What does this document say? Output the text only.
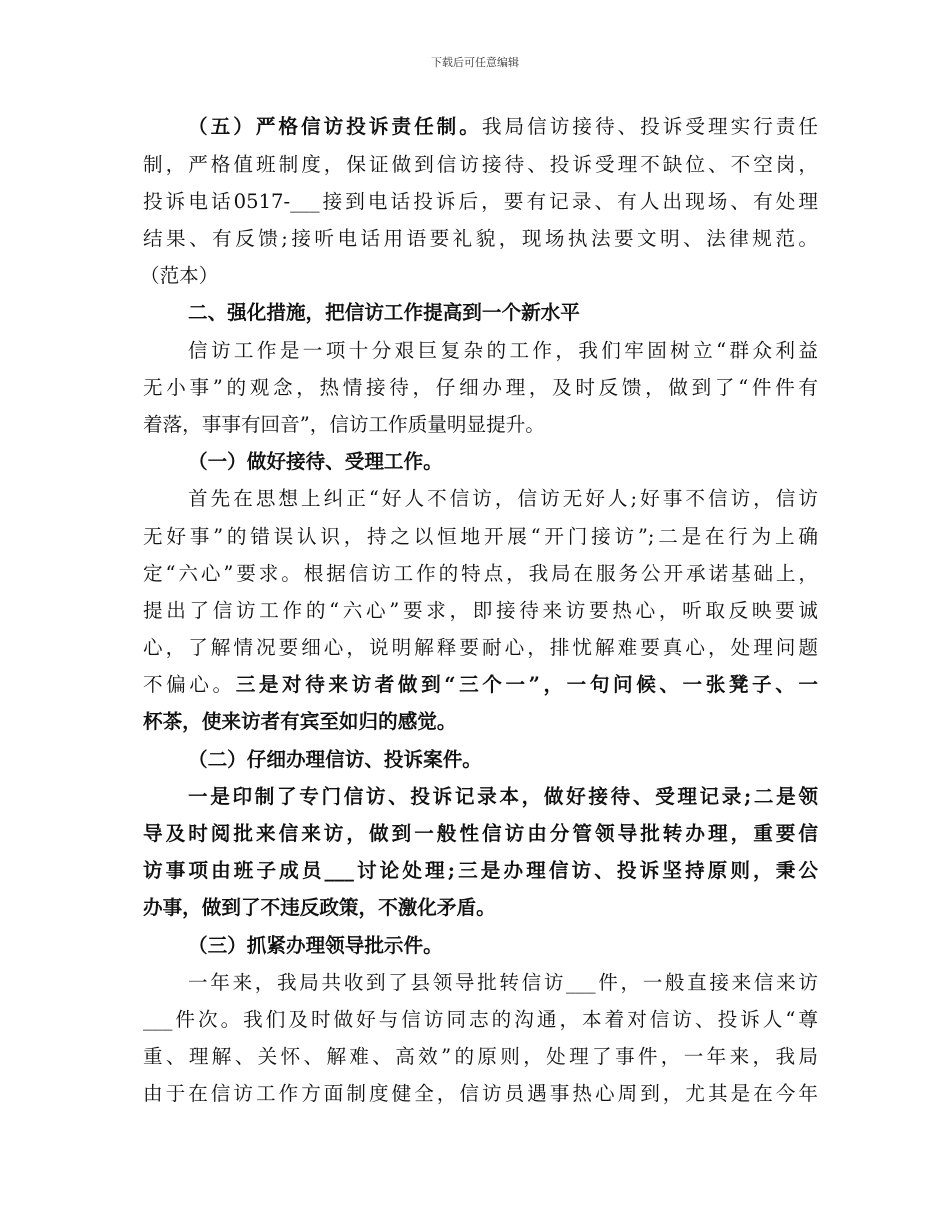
下载后可任意编辑
（五）严格信访投诉责任制。我局信访接待、投诉受理实行责任
制，严格值班制度，保证做到信访接待、投诉受理不缺位、不空岗，
投诉电话0517-___接到电话投诉后，要有记录、有人出现场、有处理
结果、有反馈;接听电话用语要礼貌，现场执法要文明、法律规范。
（范本）
二、强化措施，把信访工作提高到一个新水平
信访工作是一项十分艰巨复杂的工作，我们牢固树立“群众利益
无小事”的观念，热情接待，仔细办理，及时反馈，做到了“件件有
着落，事事有回音”，信访工作质量明显提升。
（一）做好接待、受理工作。
首先在思想上纠正“好人不信访，信访无好人;好事不信访，信访
无好事”的错误认识，持之以恒地开展“开门接访”;二是在行为上确
定“六心”要求。根据信访工作的特点，我局在服务公开承诺基础上，
提出了信访工作的“六心”要求，即接待来访要热心，听取反映要诚
心，了解情况要细心，说明解释要耐心，排忧解难要真心，处理问题
不偏心。三是对待来访者做到“三个一”，一句问候、一张凳子、一
杯茶，使来访者有宾至如归的感觉。
（二）仔细办理信访、投诉案件。
一是印制了专门信访、投诉记录本，做好接待、受理记录;二是领
导及时阅批来信来访，做到一般性信访由分管领导批转办理，重要信
访事项由班子成员___讨论处理;三是办理信访、投诉坚持原则，秉公
办事，做到了不违反政策，不激化矛盾。
（三）抓紧办理领导批示件。
一年来，我局共收到了县领导批转信访___件，一般直接来信来访
___件次。我们及时做好与信访同志的沟通，本着对信访、投诉人“尊
重、理解、关怀、解难、高效”的原则，处理了事件，一年来，我局
由于在信访工作方面制度健全，信访员遇事热心周到，尤其是在今年
